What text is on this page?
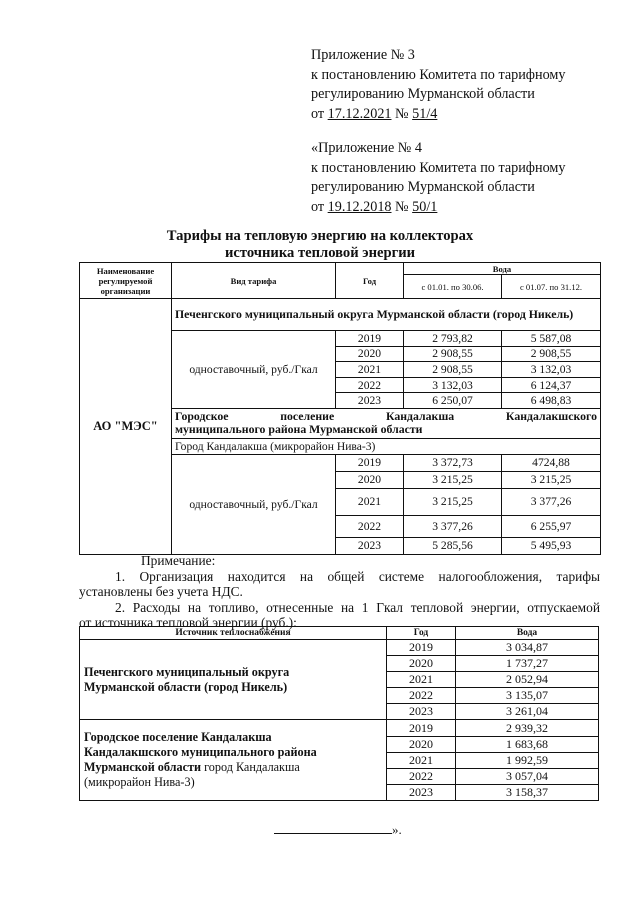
Приложение № 3
к постановлению Комитета по тарифному
регулированию Мурманской области
от 17.12.2021 № 51/4
«Приложение № 4
к постановлению Комитета по тарифному
регулированию Мурманской области
от 19.12.2018 № 50/1
Тарифы на тепловую энергию на коллекторах
источника тепловой энергии
Наименование регулируемой организации	Вид тарифа	Год	Вода	
			с 01.01. по 30.06.	с 01.07. по 31.12.
АО "МЭС"	Печенгского муниципальный округа Мурманской области (город Никель)			
	одноставочный, руб./Гкал	2019	2 793,82	5 587,08
		2020	2 908,55	2 908,55
		2021	2 908,55	3 132,03
		2022	3 132,03	6 124,37
		2023	6 250,07	6 498,83

	Городское поселение Кандалакша Кандалакшского
муниципального района Мурманской области			

	Город Кандалакша (микрорайон Нива-3)			
	одноставочный, руб./Гкал	2019	3 372,73	4724,88
		2020	3 215,25	3 215,25
		2021	3 215,25	3 377,26
		2022	3 377,26	6 255,97
		2023	5 285,56	5 495,93
Примечание:
1. Организация находится на общей системе налогообложения, тарифы
установлены без учета НДС.
2. Расходы на топливо, отнесенные на 1 Гкал тепловой энергии, отпускаемой
от источника тепловой энергии (руб.):
Источник теплоснабжения	Год	Вода

Печенгского муниципальный округа
Мурманской области (город Никель)	2019	3 034,87
	2020	1 737,27
	2021	2 052,94
	2022	3 135,07
	2023	3 261,04

Городское поселение Кандалакша
Кандалакшского муниципального района
Мурманской области город Кандалакша
(микрорайон Нива-3)	2019	2 939,32
	2020	1 683,68
	2021	1 992,59
	2022	3 057,04
	2023	3 158,37
».
